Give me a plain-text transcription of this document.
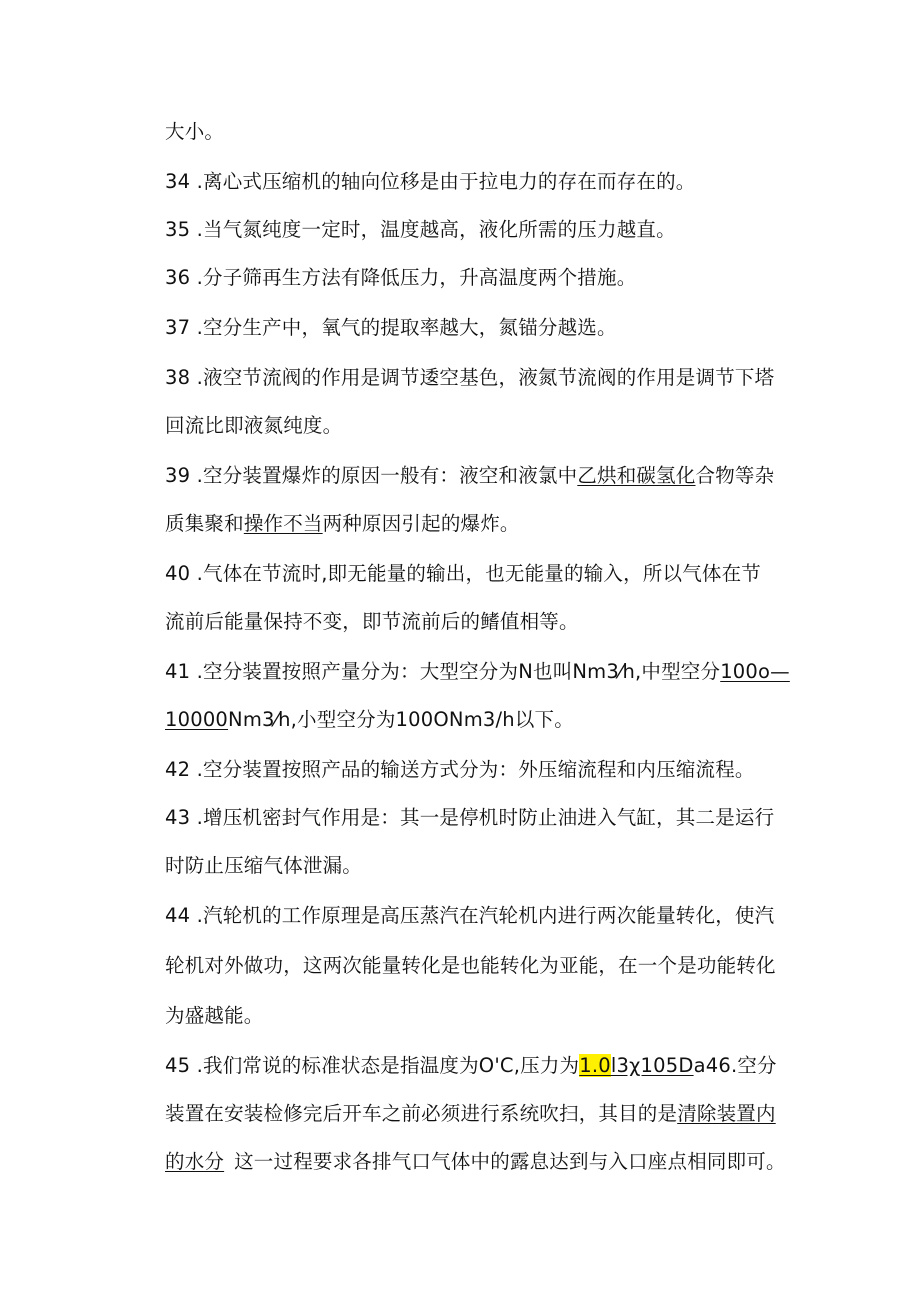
大小。
34 .离心式压缩机的轴向位移是由于拉电力的存在而存在的。
35 .当气氮纯度一定时，温度越高，液化所需的压力越直。
36 .分子筛再生方法有降低压力，升高温度两个措施。
37 .空分生产中，氧气的提取率越大，氮锚分越选。
38 .液空节流阀的作用是调节逶空基色，液氮节流阀的作用是调节下塔
回流比即液氮纯度。
39 .空分装置爆炸的原因一般有：液空和液氯中乙烘和碳氢化合物等杂
质集聚和操作不当两种原因引起的爆炸。
40 .气体在节流时,即无能量的输出，也无能量的输入，所以气体在节
流前后能量保持不变，即节流前后的鳍值相等。
41 .空分装置按照产量分为：大型空分为N也叫Nm3⁄h,中型空分100o—
10000Nm3⁄h,小型空分为100ONm3/h以下。
42 .空分装置按照产品的输送方式分为：外压缩流程和内压缩流程。
43 .增压机密封气作用是：其一是停机时防止油进入气缸，其二是运行
时防止压缩气体泄漏。
44 .汽轮机的工作原理是高压蒸汽在汽轮机内进行两次能量转化，使汽
轮机对外做功，这两次能量转化是也能转化为亚能，在一个是功能转化
为盛越能。
45 .我们常说的标准状态是指温度为O'C,压力为1.0l3χ105Da46.空分
装置在安装检修完后开车之前必须进行系统吹扫，其目的是清除装置内
的水分 这一过程要求各排气口气体中的露息达到与入口座点相同即可。
